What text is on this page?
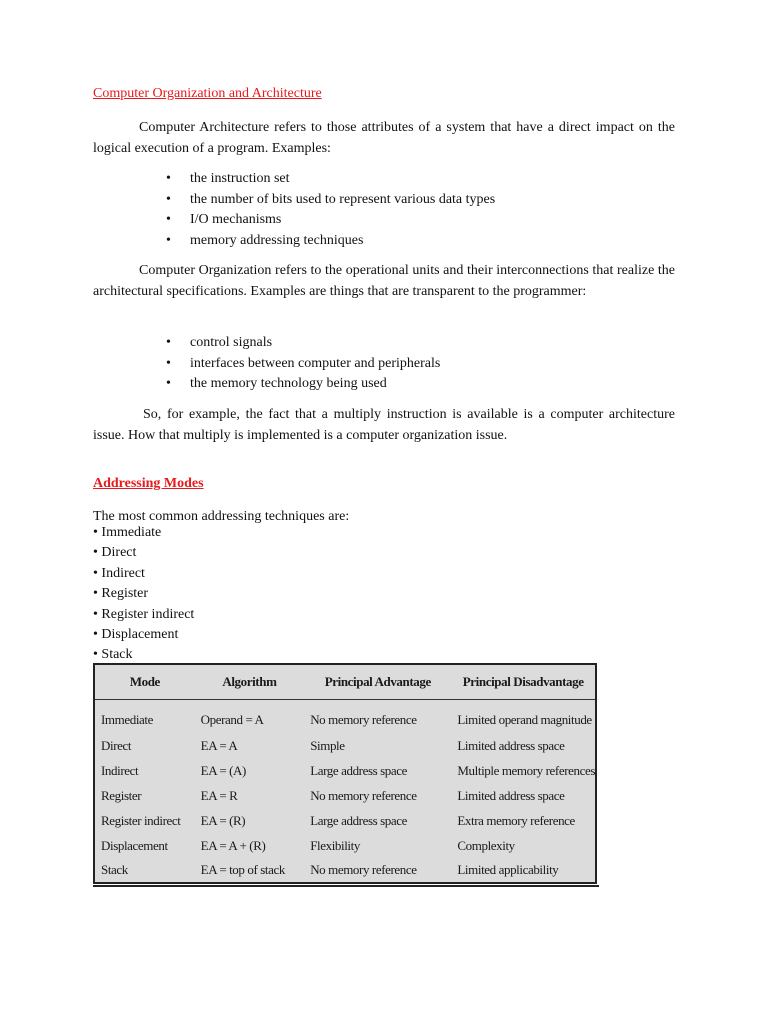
Computer Organization and Architecture
Computer Architecture refers to those attributes of a system that have a direct impact on the logical execution of a program. Examples:
• the instruction set
• the number of bits used to represent various data types
• I/O mechanisms
• memory addressing techniques
Computer Organization refers to the operational units and their interconnections that realize the architectural specifications. Examples are things that are transparent to the programmer:
• control signals
• interfaces between computer and peripherals
• the memory technology being used
So, for example, the fact that a multiply instruction is available is a computer architecture issue. How that multiply is implemented is a computer organization issue.
Addressing Modes
The most common addressing techniques are:
• Immediate
• Direct
• Indirect
• Register
• Register indirect
• Displacement
• Stack
Mode	Algorithm	Principal Advantage	Principal Disadvantage
Immediate	Operand = A	No memory reference	Limited operand magnitude
Direct	EA = A	Simple	Limited address space
Indirect	EA = (A)	Large address space	Multiple memory references
Register	EA = R	No memory reference	Limited address space
Register indirect	EA = (R)	Large address space	Extra memory reference
Displacement	EA = A + (R)	Flexibility	Complexity
Stack	EA = top of stack	No memory reference	Limited applicability
